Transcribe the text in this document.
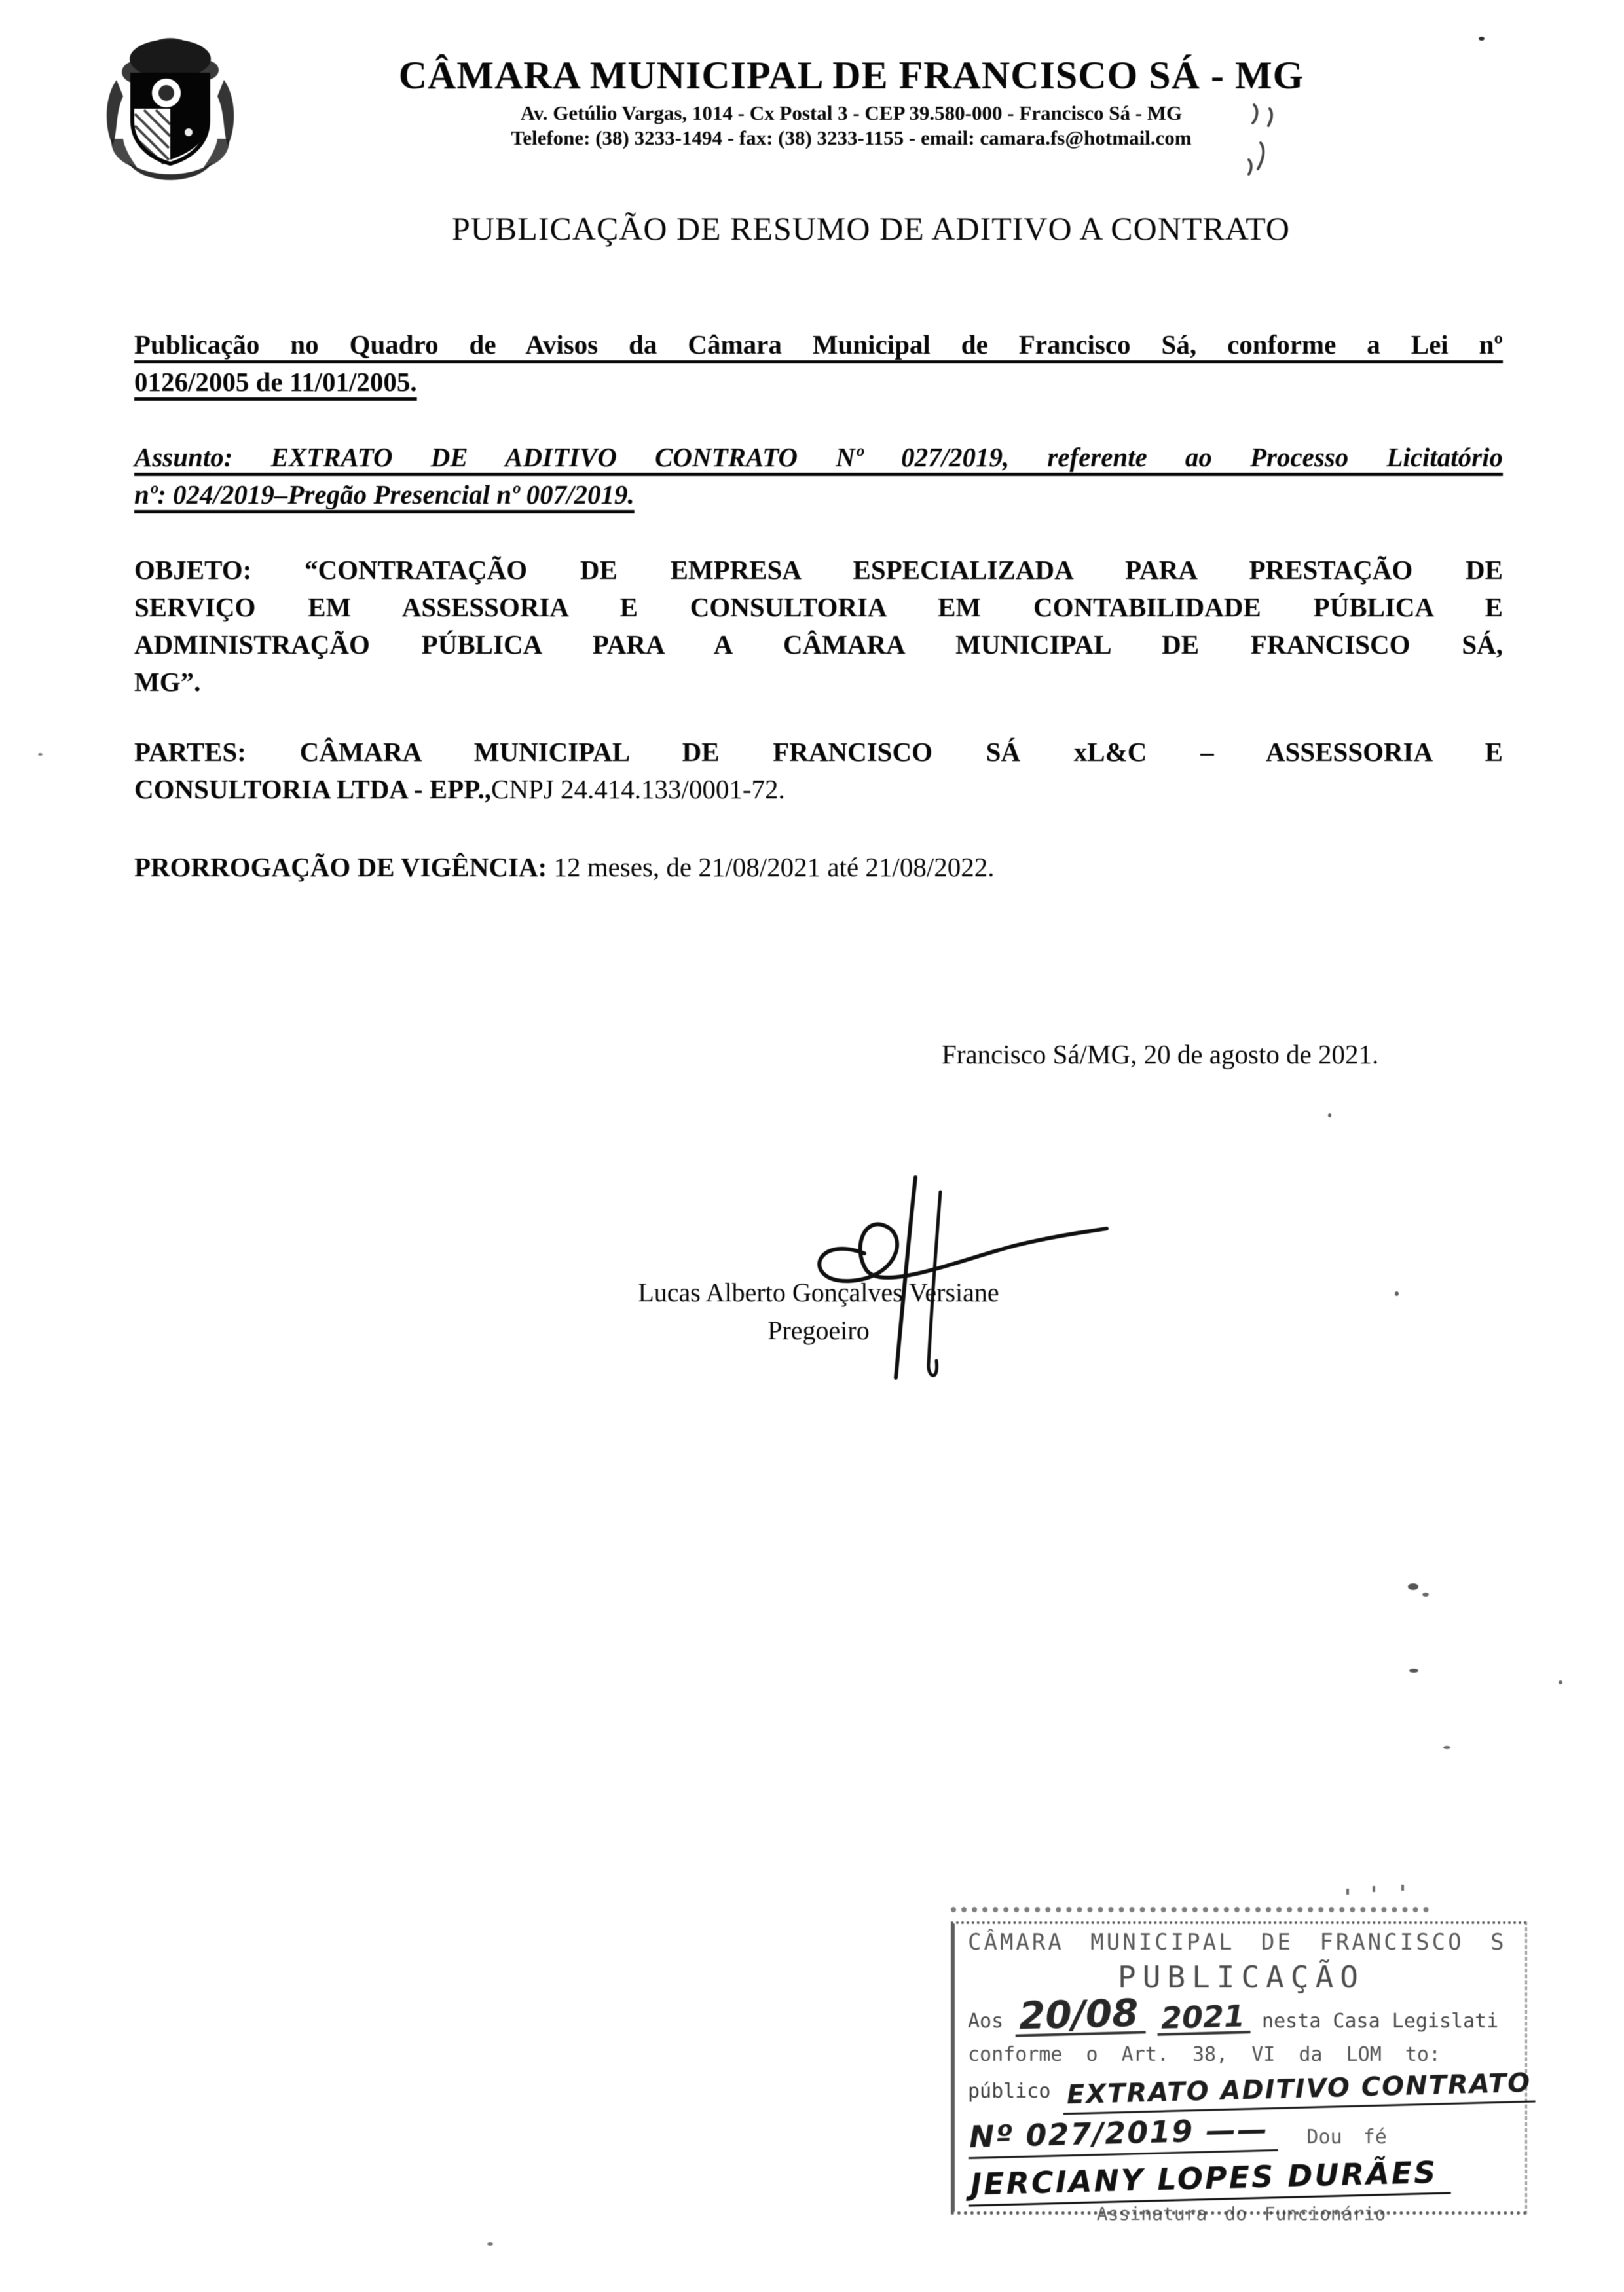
CÂMARA MUNICIPAL DE FRANCISCO SÁ - MG
Av. Getúlio Vargas, 1014 - Cx Postal 3 - CEP 39.580-000 - Francisco Sá - MG
Telefone: (38) 3233-1494 - fax: (38) 3233-1155 - email: camara.fs@hotmail.com
PUBLICAÇÃO DE RESUMO DE ADITIVO A CONTRATO
Publicação no Quadro de Avisos da Câmara Municipal de Francisco Sá, conforme a Lei nº
0126/2005 de 11/01/2005.
Assunto: EXTRATO DE ADITIVO CONTRATO Nº 027/2019, referente ao Processo Licitatório
nº: 024/2019–Pregão Presencial nº 007/2019.
OBJETO: “CONTRATAÇÃO DE EMPRESA ESPECIALIZADA PARA PRESTAÇÃO DE
SERVIÇO EM ASSESSORIA E CONSULTORIA EM CONTABILIDADE PÚBLICA E
ADMINISTRAÇÃO PÚBLICA PARA A CÂMARA MUNICIPAL DE FRANCISCO SÁ,
MG”.
PARTES: CÂMARA MUNICIPAL DE FRANCISCO SÁ xL&C – ASSESSORIA E
CONSULTORIA LTDA - EPP.,CNPJ 24.414.133/0001-72.
PRORROGAÇÃO DE VIGÊNCIA: 12 meses, de 21/08/2021 até 21/08/2022.
Francisco Sá/MG, 20 de agosto de 2021.
Lucas Alberto Gonçalves Versiane
Pregoeiro
CÂMARA MUNICIPAL DE FRANCISCO S
PUBLICAÇÃO
Aos 20/08 2021 nesta Casa Legislati
conforme o Art. 38, VI da LOM to:
público EXTRATO ADITIVO CONTRATO
Nº 027/2019 —— Dou fé
JERCIANY LOPES DURÃES
Assinatura do Funcionário
